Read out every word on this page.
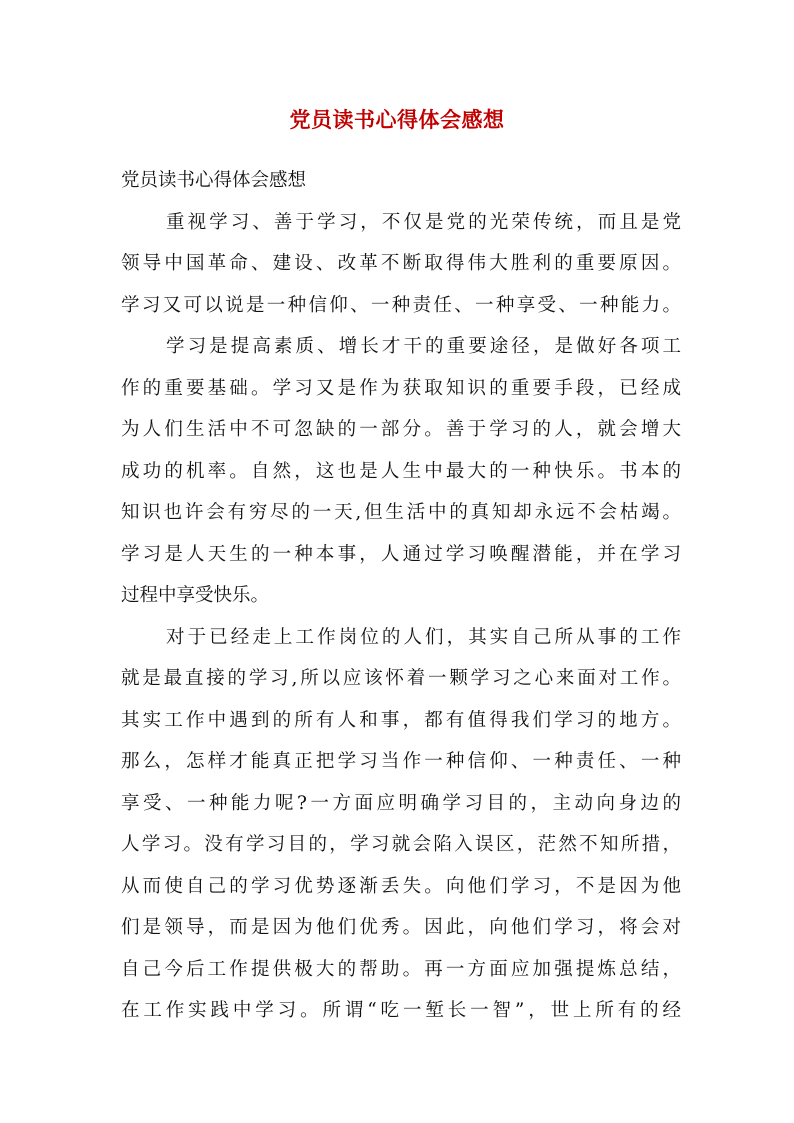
党员读书心得体会感想
党员读书心得体会感想
重视学习、善于学习，不仅是党的光荣传统，而且是党
领导中国革命、建设、改革不断取得伟大胜利的重要原因。
学习又可以说是一种信仰、一种责任、一种享受、一种能力。
学习是提高素质、增长才干的重要途径，是做好各项工
作的重要基础。学习又是作为获取知识的重要手段，已经成
为人们生活中不可忽缺的一部分。善于学习的人，就会增大
成功的机率。自然，这也是人生中最大的一种快乐。书本的
知识也许会有穷尽的一天,但生活中的真知却永远不会枯竭。
学习是人天生的一种本事，人通过学习唤醒潜能，并在学习
过程中享受快乐。
对于已经走上工作岗位的人们，其实自己所从事的工作
就是最直接的学习,所以应该怀着一颗学习之心来面对工作。
其实工作中遇到的所有人和事，都有值得我们学习的地方。
那么，怎样才能真正把学习当作一种信仰、一种责任、一种
享受、一种能力呢?一方面应明确学习目的，主动向身边的
人学习。没有学习目的，学习就会陷入误区，茫然不知所措，
从而使自己的学习优势逐渐丢失。向他们学习，不是因为他
们是领导，而是因为他们优秀。因此，向他们学习，将会对
自己今后工作提供极大的帮助。再一方面应加强提炼总结，
在工作实践中学习。所谓“吃一堑长一智”，世上所有的经
